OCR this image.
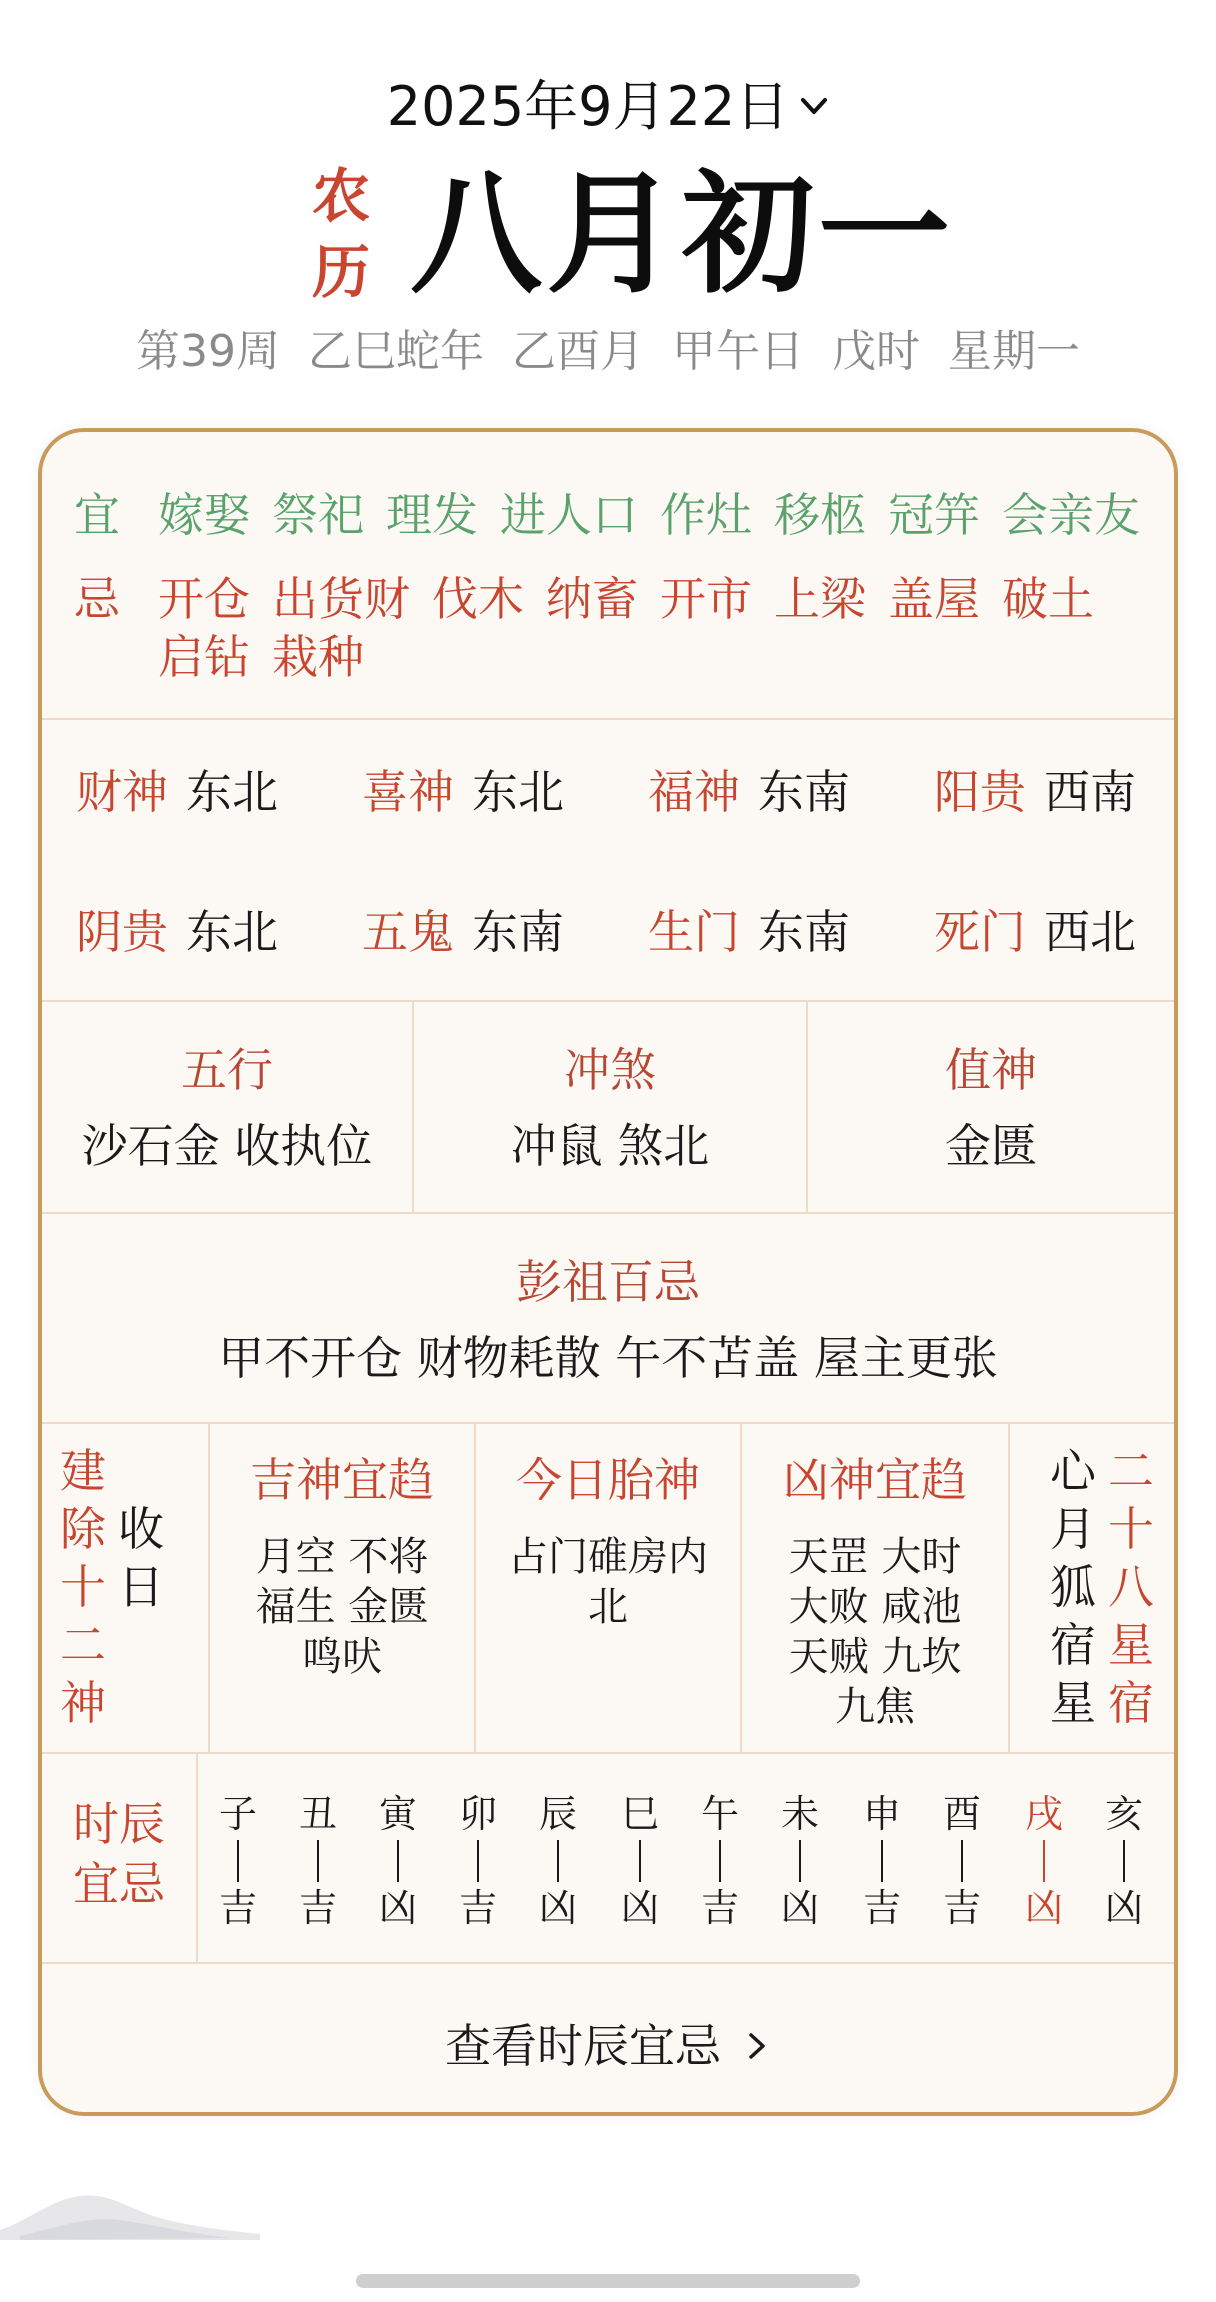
2025年9月22日
农
历 八月初一
第39周 乙巳蛇年 乙酉月 甲午日 戊时 星期一
宜 嫁娶 祭祀 理发 进人口 作灶 移柩 冠笄 会亲友
忌 开仓 出货财 伐木 纳畜 开市 上梁 盖屋 破土启钻 栽种
财神 东北 喜神 东北 福神 东南 阳贵 西南
阴贵 东北 五鬼 东南 生门 东南 死门 西北
五行
沙石金 收执位
冲煞
冲鼠 煞北
值神
金匮
彭祖百忌
甲不开仓 财物耗散 午不苫盖 屋主更张
建
除
十
二
神
收
日
吉神宜趋
月空 不将
福生 金匮
鸣吠
今日胎神
占门碓房内
北
凶神宜趋
天罡 大时
大败 咸池
天贼 九坎
九焦
心
月
狐
宿
星
二
十
八
星
宿
时辰
宜忌
子
吉
丑
吉
寅
凶
卯
吉
辰
凶
巳
凶
午
吉
未
凶
申
吉
酉
吉
戌
凶
亥
凶
查看时辰宜忌
